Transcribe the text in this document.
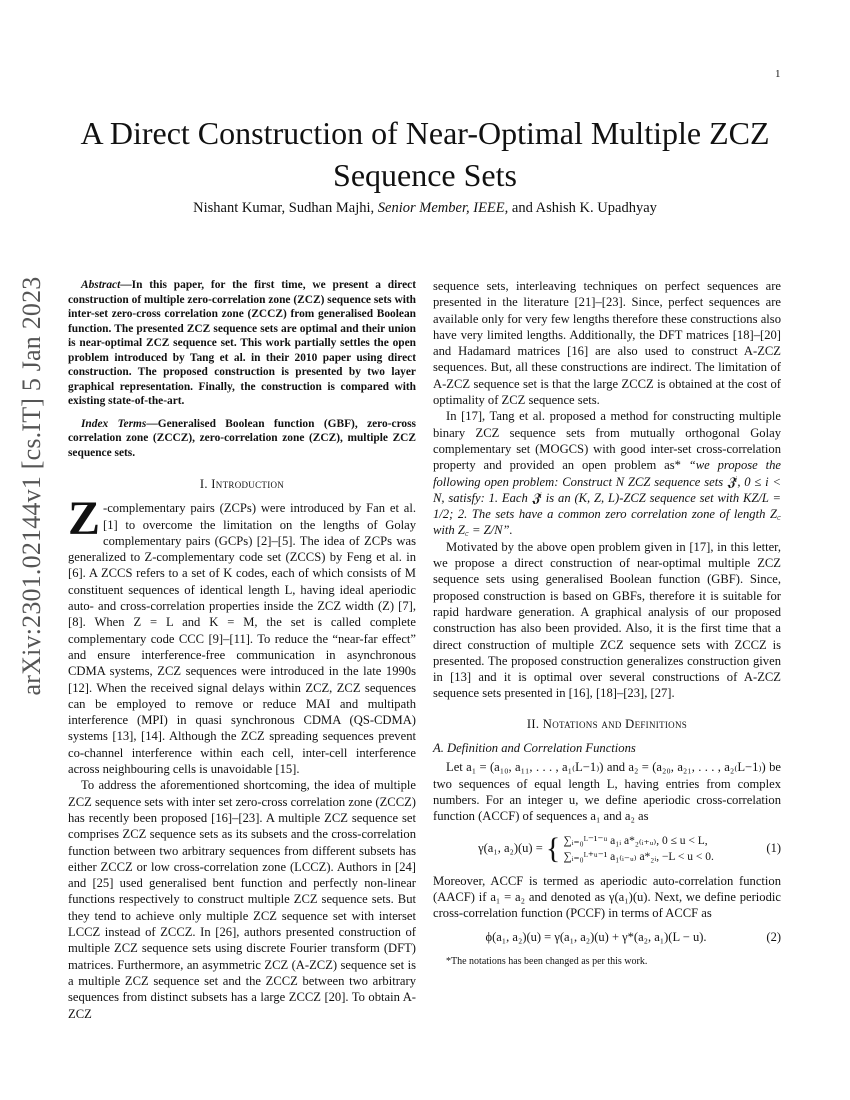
1
arXiv:2301.02144v1 [cs.IT] 5 Jan 2023
A Direct Construction of Near-Optimal Multiple ZCZ Sequence Sets
Nishant Kumar, Sudhan Majhi, Senior Member, IEEE, and Ashish K. Upadhyay

Abstract—In this paper, for the first time, we present a direct construction of multiple zero-correlation zone (ZCZ) sequence sets with inter-set zero-cross correlation zone (ZCCZ) from generalised Boolean function. The presented ZCZ sequence sets are optimal and their union is near-optimal ZCZ sequence set. This work partially settles the open problem introduced by Tang et al. in their 2010 paper using direct construction. The proposed construction is presented by two layer graphical representation. Finally, the construction is compared with existing state-of-the-art.

Index Terms—Generalised Boolean function (GBF), zero-cross correlation zone (ZCCZ), zero-correlation zone (ZCZ), multiple ZCZ sequence sets.

I. Introduction

Z -complementary pairs (ZCPs) were introduced by Fan et al. [1] to overcome the limitation on the lengths of Golay complementary pairs (GCPs) [2]–[5]. The idea of ZCPs was generalized to Z-complementary code set (ZCCS) by Feng et al. in [6]. A ZCCS refers to a set of K codes, each of which consists of M constituent sequences of identical length L, having ideal aperiodic auto- and cross-correlation properties inside the ZCZ width (Z) [7], [8]. When Z = L and K = M, the set is called complete complementary code CCC [9]–[11]. To reduce the “near-far effect” and ensure interference-free communication in asynchronous CDMA systems, ZCZ sequences were introduced in the late 1990s [12]. When the received signal delays within ZCZ, ZCZ sequences can be employed to remove or reduce MAI and multipath interference (MPI) in quasi synchronous CDMA (QS-CDMA) systems [13], [14]. Although the ZCZ spreading sequences prevent co-channel interference within each cell, inter-cell interference across neighbouring cells is unavoidable [15].

To address the aforementioned shortcoming, the idea of multiple ZCZ sequence sets with inter set zero-cross correlation zone (ZCCZ) has recently been proposed [16]–[23]. A multiple ZCZ sequence set comprises ZCZ sequence sets as its subsets and the cross-correlation function between two arbitrary sequences from different subsets has either ZCCZ or low cross-correlation zone (LCCZ). Authors in [24] and [25] used generalised bent function and perfectly non-linear functions respectively to construct multiple ZCZ sequence sets. But they tend to achieve only multiple ZCZ sequence set with interset LCCZ instead of ZCCZ. In [26], authors presented construction of multiple ZCZ sequence sets using discrete Fourier transform (DFT) matrices. Furthermore, an asymmetric ZCZ (A-ZCZ) sequence set is a multiple ZCZ sequence set and the ZCCZ between two arbitrary sequences from distinct subsets has a large ZCCZ [20]. To obtain A-ZCZ

sequence sets, interleaving techniques on perfect sequences are presented in the literature [21]–[23]. Since, perfect sequences are available only for very few lengths therefore these constructions also have very limited lengths. Additionally, the DFT matrices [18]–[20] and Hadamard matrices [16] are also used to construct A-ZCZ sequences. But, all these constructions are indirect. The limitation of A-ZCZ sequence set is that the large ZCCZ is obtained at the cost of optimality of ZCZ sequence sets.

In [17], Tang et al. proposed a method for constructing multiple binary ZCZ sequence sets from mutually orthogonal Golay complementary set (MOGCS) with good inter-set cross-correlation property and provided an open problem as* “we propose the following open problem: Construct N ZCZ sequence sets 𝖅ⁱ, 0 ≤ i < N, satisfy: 1. Each 𝖅ⁱ is an (K, Z, L)-ZCZ sequence set with KZ/L = 1/2; 2. The sets have a common zero correlation zone of length Z꜀ with Z꜀ = Z/N”.

Motivated by the above open problem given in [17], in this letter, we propose a direct construction of near-optimal multiple ZCZ sequence sets using generalised Boolean function (GBF). Since, proposed construction is based on GBFs, therefore it is suitable for rapid hardware generation. A graphical analysis of our proposed construction has also been provided. Also, it is the first time that a direct construction of multiple ZCZ sequence sets with ZCCZ is presented. The proposed construction generalizes construction given in [13] and it is optimal over several constructions of A-ZCZ sequence sets presented in [16], [18]–[23], [27].

II. Notations and Definitions
A. Definition and Correlation Functions

Let a₁ = (a₁₀, a₁₁, . . . , a₁₍L−1₎) and a₂ = (a₂₀, a₂₁, . . . , a₂₍L−1₎) be two sequences of equal length L, having entries from complex numbers. For an integer u, we define aperiodic cross-correlation function (ACCF) of sequences a₁ and a₂ as

γ(a₁, a₂)(u) = { ∑ᵢ₌₀ᴸ⁻¹⁻ᵘ a₁ᵢ a*₂₍ᵢ₊ᵤ₎, 0 ≤ u < L,
∑ᵢ₌₀ᴸ⁺ᵘ⁻¹ a₁₍ᵢ₋ᵤ₎ a*₂ᵢ, −L < u < 0.
(1)

Moreover, ACCF is termed as aperiodic auto-correlation function (AACF) if a₁ = a₂ and denoted as γ(a₁)(u). Next, we define periodic cross-correlation function (PCCF) in terms of ACCF as

ϕ(a₁, a₂)(u) = γ(a₁, a₂)(u) + γ*(a₂, a₁)(L − u).	(2)
*The notations has been changed as per this work.
